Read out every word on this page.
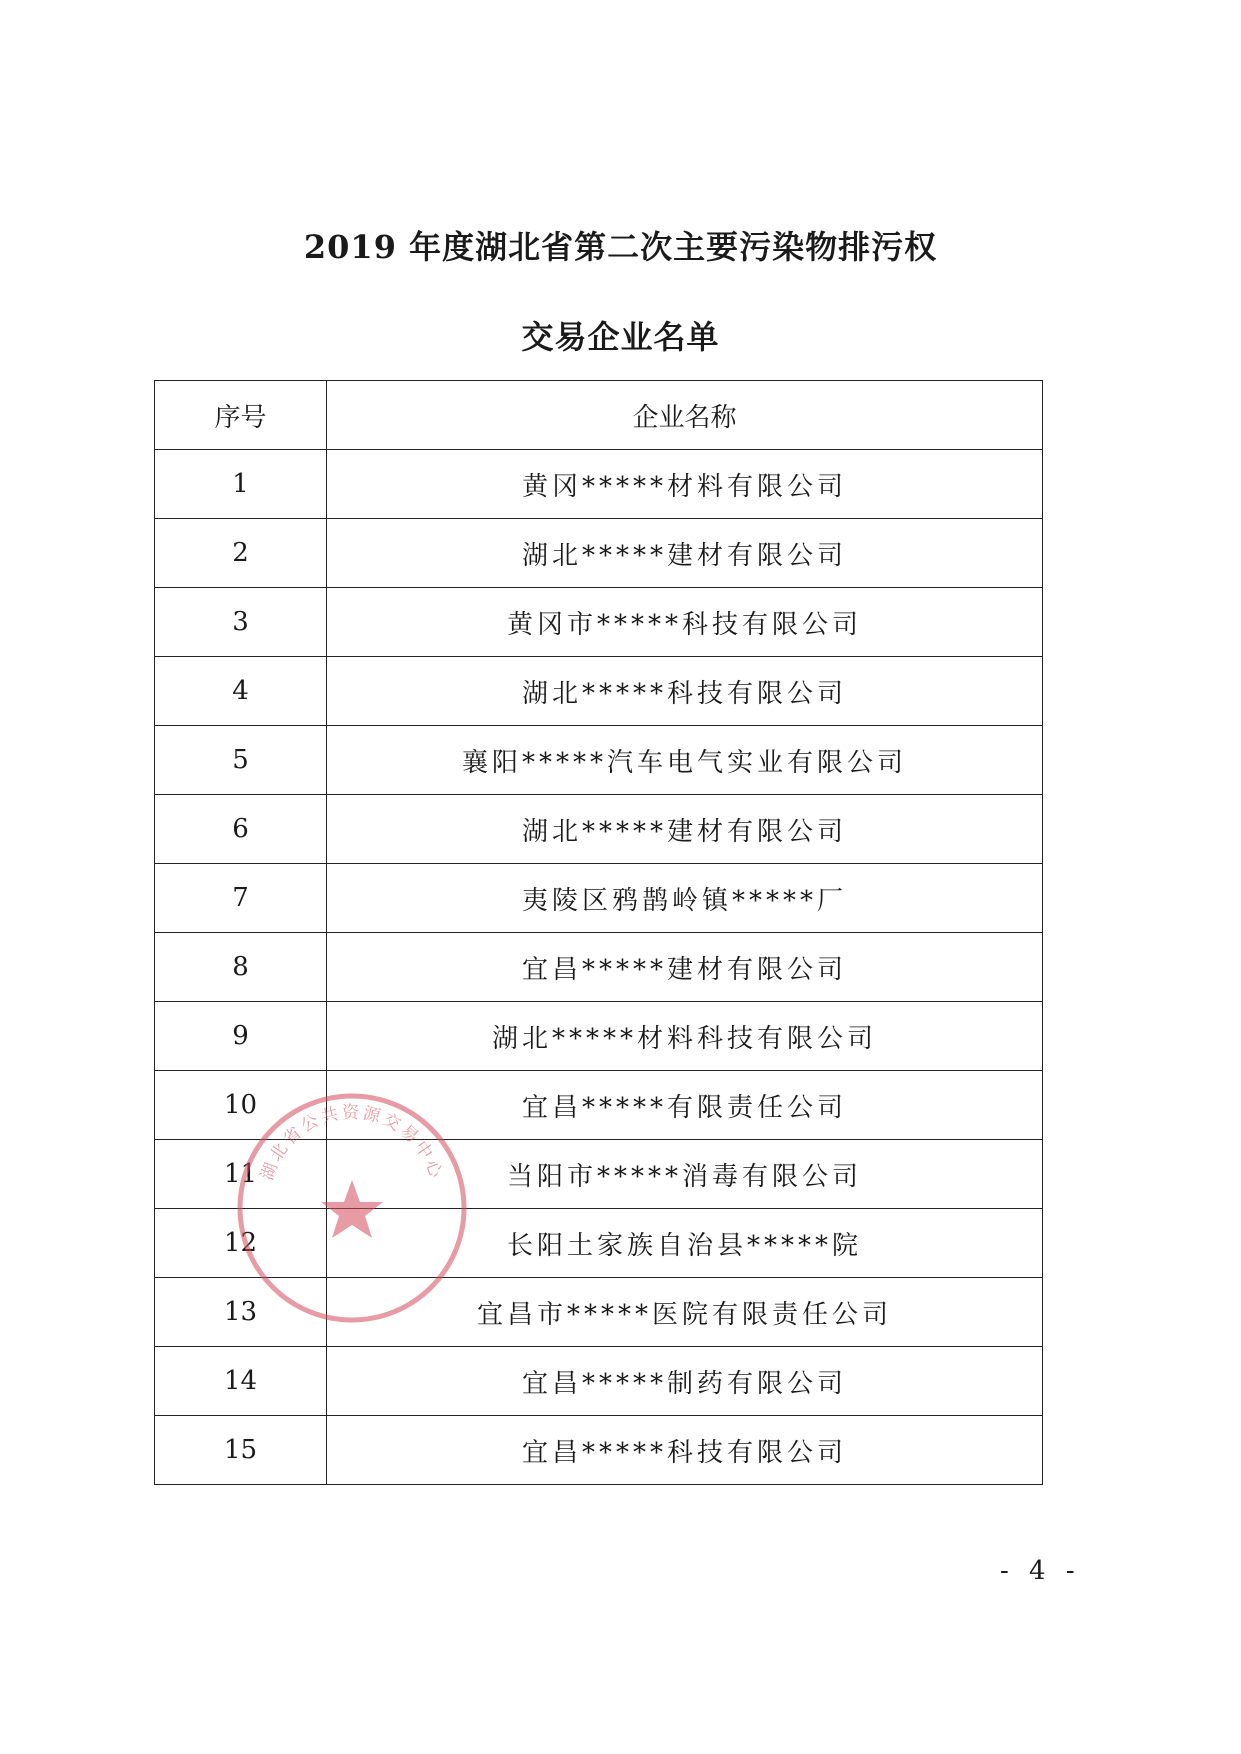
2019 年度湖北省第二次主要污染物排污权
交易企业名单
序号	企业名称
1	黄冈*****材料有限公司
2	湖北*****建材有限公司
3	黄冈市*****科技有限公司
4	湖北*****科技有限公司
5	襄阳*****汽车电气实业有限公司
6	湖北*****建材有限公司
7	夷陵区鸦鹊岭镇*****厂
8	宜昌*****建材有限公司
9	湖北*****材料科技有限公司
10	宜昌*****有限责任公司
11	当阳市*****消毒有限公司
12	长阳土家族自治县*****院
13	宜昌市*****医院有限责任公司
14	宜昌*****制药有限公司
15	宜昌*****科技有限公司
湖北省公共资源交易中心
- 4 -
